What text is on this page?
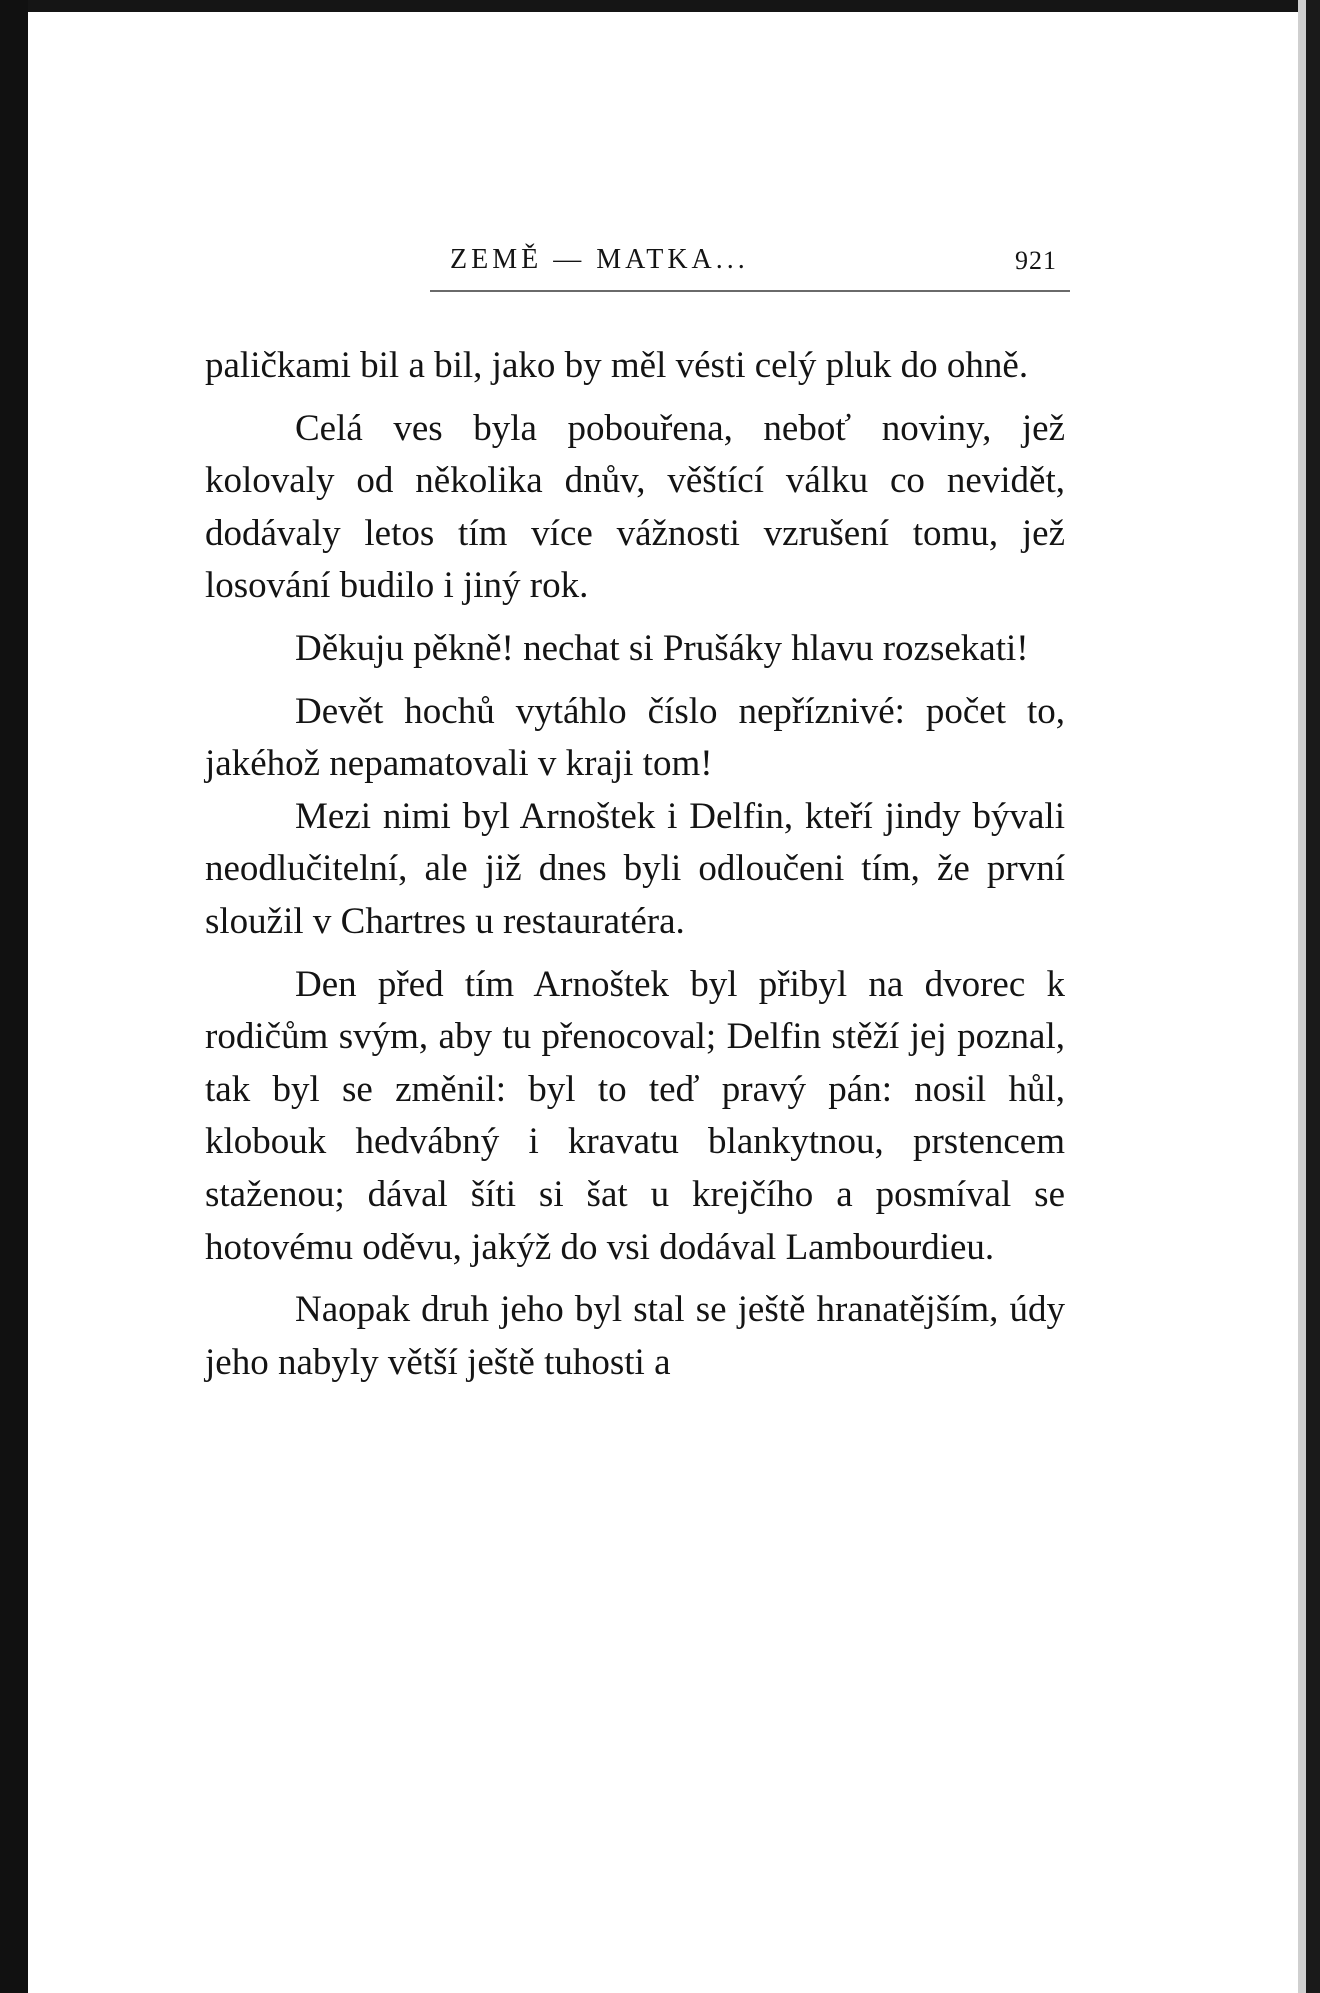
ZEMĚ — MATKA...	921

paličkami bil a bil, jako by měl vésti celý pluk do ohně.

Celá ves byla pobouřena, neboť noviny, jež kolovaly od několika dnův, věštící válku co nevidět, dodávaly letos tím více vážnosti vzrušení tomu, jež losování budilo i jiný rok.

Děkuju pěkně! nechat si Prušáky hlavu rozsekati!

Devět hochů vytáhlo číslo nepříznivé: počet to, jakéhož nepamatovali v kraji tom!

Mezi nimi byl Arnoštek i Delfin, kteří jindy bývali neodlučitelní, ale již dnes byli odloučeni tím, že první sloužil v Chartres u restauratéra.

Den před tím Arnoštek byl přibyl na dvorec k rodičům svým, aby tu přenocoval; Delfin stěží jej poznal, tak byl se změnil: byl to teď pravý pán: nosil hůl, klobouk hedvábný i kravatu blankytnou, prstencem staženou; dával šíti si šat u krejčího a posmíval se hotovému oděvu, jakýž do vsi dodával Lambourdieu.

Naopak druh jeho byl stal se ještě hranatějším, údy jeho nabyly větší ještě tuhosti a
